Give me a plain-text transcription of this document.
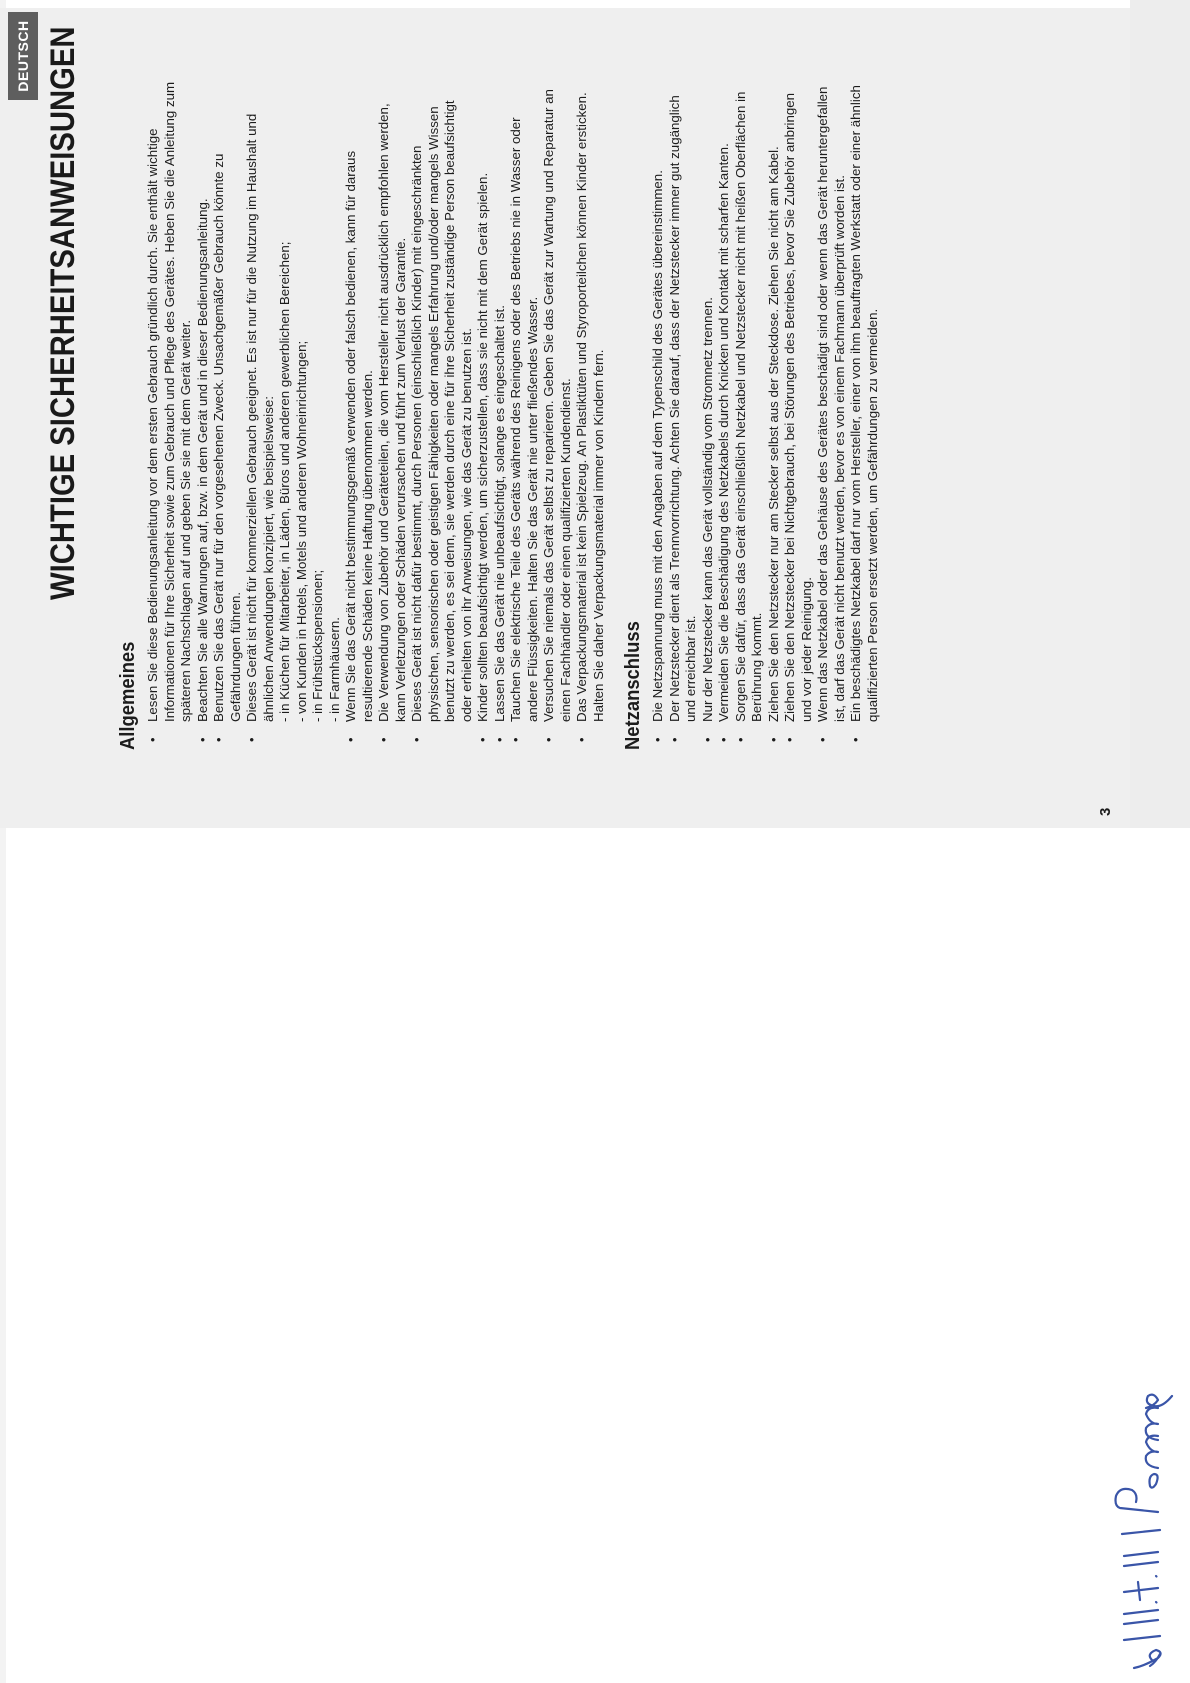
DEUTSCH WICHTIGE SICHERHEITSANWEISUNGEN
Allgemeines •
Lesen Sie diese Bedienungsanleitung vor dem ersten Gebrauch gründlich durch. Sie enthält wichtige Informationen für Ihre Sicherheit sowie zum Gebrauch und Pflege des Gerätes. Heben Sie die Anleitung zum späteren Nachschlagen auf und geben Sie sie mit dem Gerät weiter.
•
Beachten Sie alle Warnungen auf, bzw. in dem Gerät und in dieser Bedienungsanleitung.
•
Benutzen Sie das Gerät nur für den vorgesehenen Zweck. Unsachgemäßer Gebrauch könnte zu Gefährdungen führen.
•
Dieses Gerät ist nicht für kommerziellen Gebrauch geeignet. Es ist nur für die Nutzung im Haushalt und ähnlichen Anwendungen konzipiert, wie beispielsweise: - in Küchen für Mitarbeiter, in Läden, Büros und anderen gewerblichen Bereichen; - von Kunden in Hotels, Motels und anderen Wohneinrichtungen; - in Frühstückspensionen; - in Farmhäusern.
•
Wenn Sie das Gerät nicht bestimmungsgemäß verwenden oder falsch bedienen, kann für daraus resultierende Schäden keine Haftung übernommen werden.
•
Die Verwendung von Zubehör und Geräteteilen, die vom Hersteller nicht ausdrücklich empfohlen werden, kann Verletzungen oder Schäden verursachen und führt zum Verlust der Garantie.
•
Dieses Gerät ist nicht dafür bestimmt, durch Personen (einschließlich Kinder) mit eingeschränkten physischen, sensorischen oder geistigen Fähigkeiten oder mangels Erfahrung und/oder mangels Wissen benutzt zu werden, es sei denn, sie werden durch eine für ihre Sicherheit zuständige Person beaufsichtigt oder erhielten von ihr Anweisungen, wie das Gerät zu benutzen ist.
•
Kinder sollten beaufsichtigt werden, um sicherzustellen, dass sie nicht mit dem Gerät spielen.
•
Lassen Sie das Gerät nie unbeaufsichtigt, solange es eingeschaltet ist.
•
Tauchen Sie elektrische Teile des Geräts während des Reinigens oder des Betriebs nie in Wasser oder andere Flüssigkeiten. Halten Sie das Gerät nie unter fließendes Wasser.
•
Versuchen Sie niemals das Gerät selbst zu reparieren. Geben Sie das Gerät zur Wartung und Reparatur an einen Fachhändler oder einen qualifizierten Kundendienst.
•
Das Verpackungsmaterial ist kein Spielzeug. An Plastiktüten und Styroporteilchen können Kinder ersticken. Halten Sie daher Verpackungsmaterial immer von Kindern fern. Netzanschluss •
Die Netzspannung muss mit den Angaben auf dem Typenschild des Gerätes übereinstimmen.
•
Der Netzstecker dient als Trennvorrichtung. Achten Sie darauf, dass der Netzstecker immer gut zugänglich und erreichbar ist.
•
Nur der Netzstecker kann das Gerät vollständig vom Stromnetz trennen.
•
Vermeiden Sie die Beschädigung des Netzkabels durch Knicken und Kontakt mit scharfen Kanten.
•
Sorgen Sie dafür, dass das Gerät einschließlich Netzkabel und Netzstecker nicht mit heißen Oberflächen in Berührung kommt.
•
Ziehen Sie den Netzstecker nur am Stecker selbst aus der Steckdose. Ziehen Sie nicht am Kabel.
•
Ziehen Sie den Netzstecker bei Nichtgebrauch, bei Störungen des Betriebes, bevor Sie Zubehör anbringen und vor jeder Reinigung.
•
Wenn das Netzkabel oder das Gehäuse des Gerätes beschädigt sind oder wenn das Gerät heruntergefallen ist, darf das Gerät nicht benutzt werden, bevor es von einem Fachmann überprüft worden ist.
•
Ein beschädigtes Netzkabel darf nur vom Hersteller, einer von ihm beauftragten Werkstatt oder einer ähnlich qualifizierten Person ersetzt werden, um Gefährdungen zu vermeiden.
3
